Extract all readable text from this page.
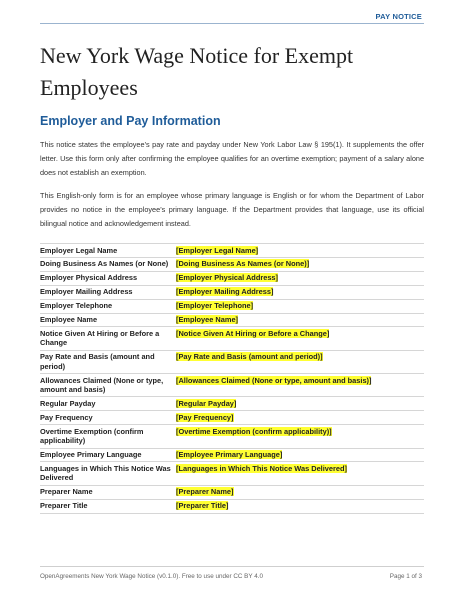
PAY NOTICE
New York Wage Notice for Exempt Employees
Employer and Pay Information

This notice states the employee’s pay rate and payday under New York Labor Law § 195(1). It supplements the offer letter. Use this form only after confirming the employee qualifies for an overtime exemption; payment of a salary alone does not establish an exemption.

This English-only form is for an employee whose primary language is English or for whom the Department of Labor provides no notice in the employee’s primary language. If the Department provides that language, use its official bilingual notice and acknowledgement instead.

Employer Legal Name	[Employer Legal Name]
Doing Business As Names (or None)	[Doing Business As Names (or None)]
Employer Physical Address	[Employer Physical Address]
Employer Mailing Address	[Employer Mailing Address]
Employer Telephone	[Employer Telephone]
Employee Name	[Employee Name]
Notice Given At Hiring or Before a Change	[Notice Given At Hiring or Before a Change]
Pay Rate and Basis (amount and period)	[Pay Rate and Basis (amount and period)]
Allowances Claimed (None or type, amount and basis)	[Allowances Claimed (None or type, amount and basis)]
Regular Payday	[Regular Payday]
Pay Frequency	[Pay Frequency]
Overtime Exemption (confirm applicability)	[Overtime Exemption (confirm applicability)]
Employee Primary Language	[Employee Primary Language]
Languages in Which This Notice Was Delivered	[Languages in Which This Notice Was Delivered]
Preparer Name	[Preparer Name]
Preparer Title	[Preparer Title]
OpenAgreements New York Wage Notice (v0.1.0). Free to use under CC BY 4.0	Page 1 of 3
